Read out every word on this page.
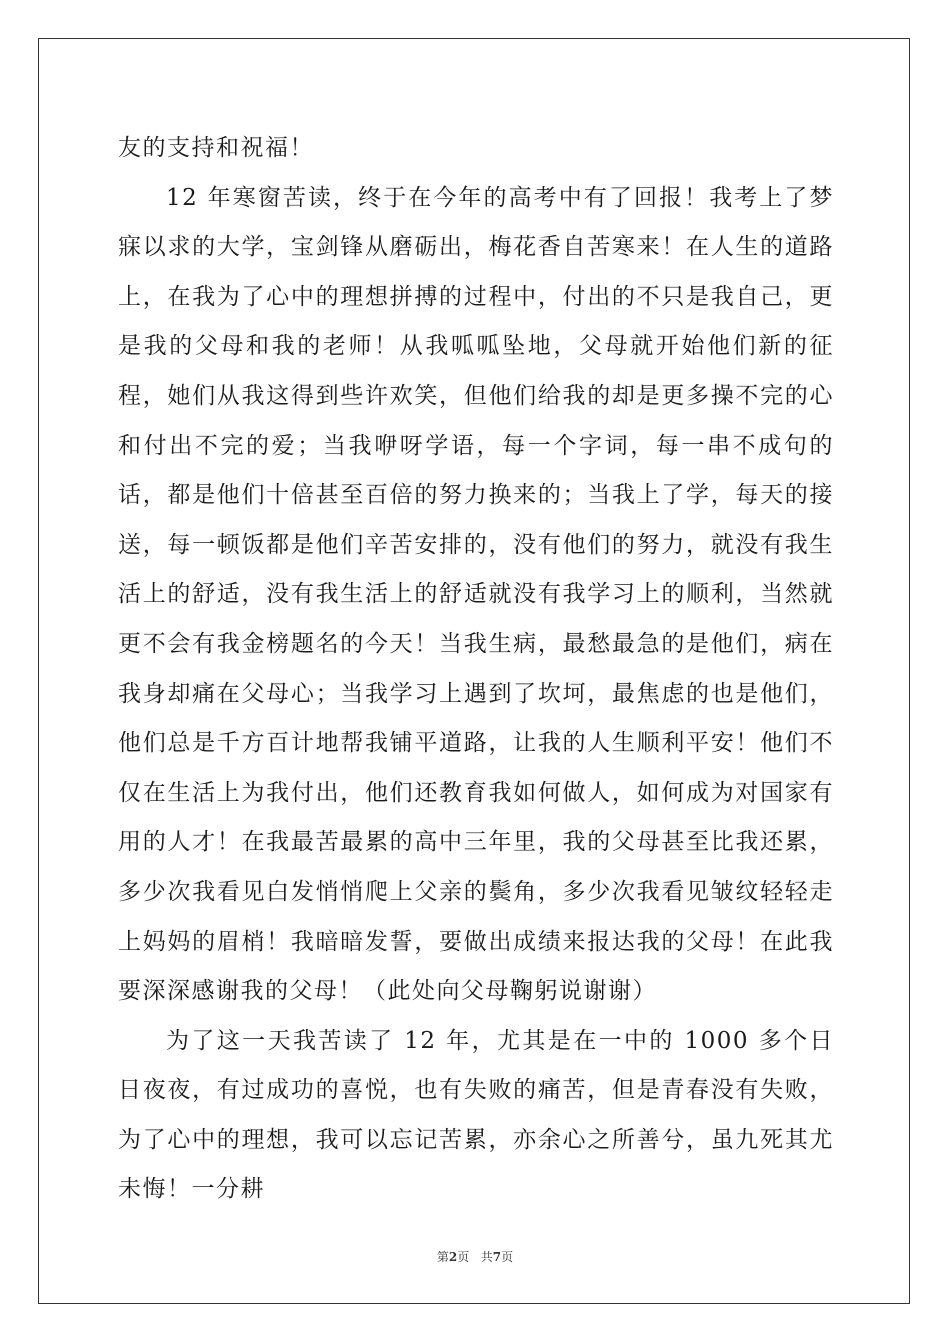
友的支持和祝福！

12 年寒窗苦读，终于在今年的高考中有了回报！我考上了梦寐以求的大学，宝剑锋从磨砺出，梅花香自苦寒来！在人生的道路上，在我为了心中的理想拼搏的过程中，付出的不只是我自己，更是我的父母和我的老师！从我呱呱坠地，父母就开始他们新的征程，她们从我这得到些许欢笑，但他们给我的却是更多操不完的心和付出不完的爱；当我咿呀学语，每一个字词，每一串不成句的话，都是他们十倍甚至百倍的努力换来的；当我上了学，每天的接送，每一顿饭都是他们辛苦安排的，没有他们的努力，就没有我生活上的舒适，没有我生活上的舒适就没有我学习上的顺利，当然就更不会有我金榜题名的今天！当我生病，最愁最急的是他们，病在我身却痛在父母心；当我学习上遇到了坎坷，最焦虑的也是他们，他们总是千方百计地帮我铺平道路，让我的人生顺利平安！他们不仅在生活上为我付出，他们还教育我如何做人，如何成为对国家有用的人才！在我最苦最累的高中三年里，我的父母甚至比我还累，多少次我看见白发悄悄爬上父亲的鬓角，多少次我看见皱纹轻轻走上妈妈的眉梢！我暗暗发誓，要做出成绩来报达我的父母！在此我要深深感谢我的父母！（此处向父母鞠躬说谢谢）

为了这一天我苦读了 12 年，尤其是在一中的 1000 多个日日夜夜，有过成功的喜悦，也有失败的痛苦，但是青春没有失败，为了心中的理想，我可以忘记苦累，亦余心之所善兮，虽九死其尤未悔！一分耕

第2页 共7页
